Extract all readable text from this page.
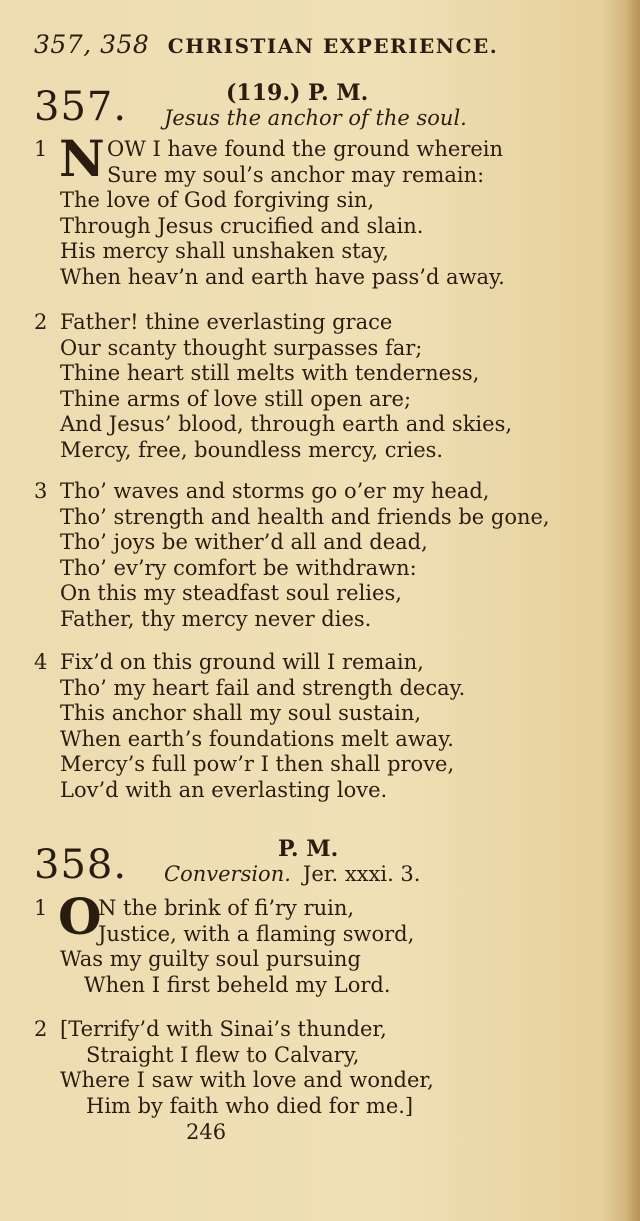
357, 358 CHRISTIAN EXPERIENCE.
357.	(119.) P. M.
Jesus the anchor of the soul.
1 N OW I have found the ground wherein
Sure my soul’s anchor may remain:
The love of God forgiving sin,
Through Jesus crucified and slain.
His mercy shall unshaken stay,
When heav’n and earth have pass’d away.
2 Father! thine everlasting grace
Our scanty thought surpasses far;
Thine heart still melts with tenderness,
Thine arms of love still open are;
And Jesus’ blood, through earth and skies,
Mercy, free, boundless mercy, cries.
3 Tho’ waves and storms go o’er my head,
Tho’ strength and health and friends be gone,
Tho’ joys be wither’d all and dead,
Tho’ ev’ry comfort be withdrawn:
On this my steadfast soul relies,
Father, thy mercy never dies.
4 Fix’d on this ground will I remain,
Tho’ my heart fail and strength decay.
This anchor shall my soul sustain,
When earth’s foundations melt away.
Mercy’s full pow’r I then shall prove,
Lov’d with an everlasting love.
358.	P. M.
Conversion. Jer. xxxi. 3.
1 O
N the brink of fi’ry ruin,
Justice, with a flaming sword,
Was my guilty soul pursuing
When I first beheld my Lord.
2 [Terrify’d with Sinai’s thunder,
Straight I flew to Calvary,
Where I saw with love and wonder,
Him by faith who died for me.]
246
